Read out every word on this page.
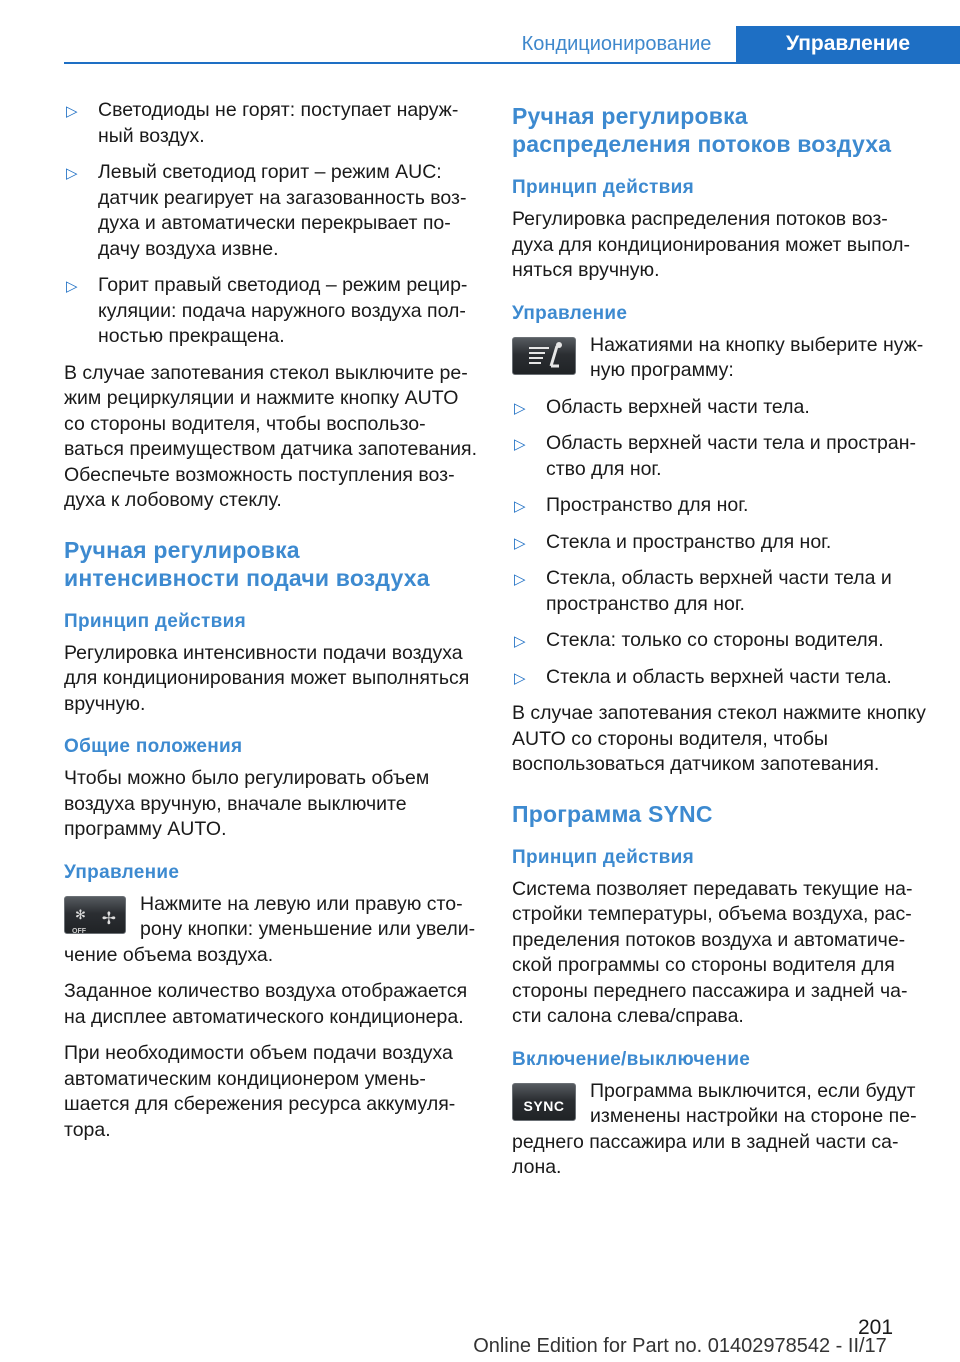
Кондиционирование	Управление
▷ Светодиоды не горят: поступает наруж-ный воздух.
▷ Левый светодиод горит – режим AUC: датчик реагирует на загазованность воз-духа и автоматически перекрывает по-дачу воздуха извне.
▷ Горит правый светодиод – режим рецир-куляции: подача наружного воздуха пол-ностью прекращена.

В случае запотевания стекол выключите ре-жим рециркуляции и нажмите кнопку AUTO со стороны водителя, чтобы воспользо-ваться преимуществом датчика запотевания. Обеспечьте возможность поступления воз-духа к лобовому стеклу.

Ручная регулировка интенсивности подачи воздуха
Принцип действия

Регулировка интенсивности подачи воздуха для кондиционирования может выполняться вручную.

Общие положения

Чтобы можно было регулировать объем воздуха вручную, вначале выключите программу AUTO.

Управление
✻
OFF
✢
Нажмите на левую или правую сто-рону кнопки: уменьшение или увели-чение объема воздуха.

Заданное количество воздуха отображается на дисплее автоматического кондиционера.

При необходимости объем подачи воздуха автоматическим кондиционером умень-шается для сбережения ресурса аккумуля-тора.

Ручная регулировка распределения потоков воздуха
Принцип действия

Регулировка распределения потоков воз-духа для кондиционирования может выпол-няться вручную.

Управление
Нажатиями на кнопку выберите нуж-ную программу:
▷ Область верхней части тела.
▷ Область верхней части тела и простран-ство для ног.
▷ Пространство для ног.
▷ Стекла и пространство для ног.
▷ Стекла, область верхней части тела и пространство для ног.
▷ Стекла: только со стороны водителя.
▷ Стекла и область верхней части тела.

В случае запотевания стекол нажмите кнопку AUTO со стороны водителя, чтобы воспользоваться датчиком запотевания.

Программа SYNC
Принцип действия

Система позволяет передавать текущие на-стройки температуры, объема воздуха, рас-пределения потоков воздуха и автоматиче-ской программы со стороны водителя для стороны переднего пассажира и задней ча-сти салона слева/справа.

Включение/выключение
SYNC
Программа выключится, если будут изменены настройки на стороне пе-реднего пассажира или в задней части са-лона.
201
Online Edition for Part no. 01402978542 - II/17
